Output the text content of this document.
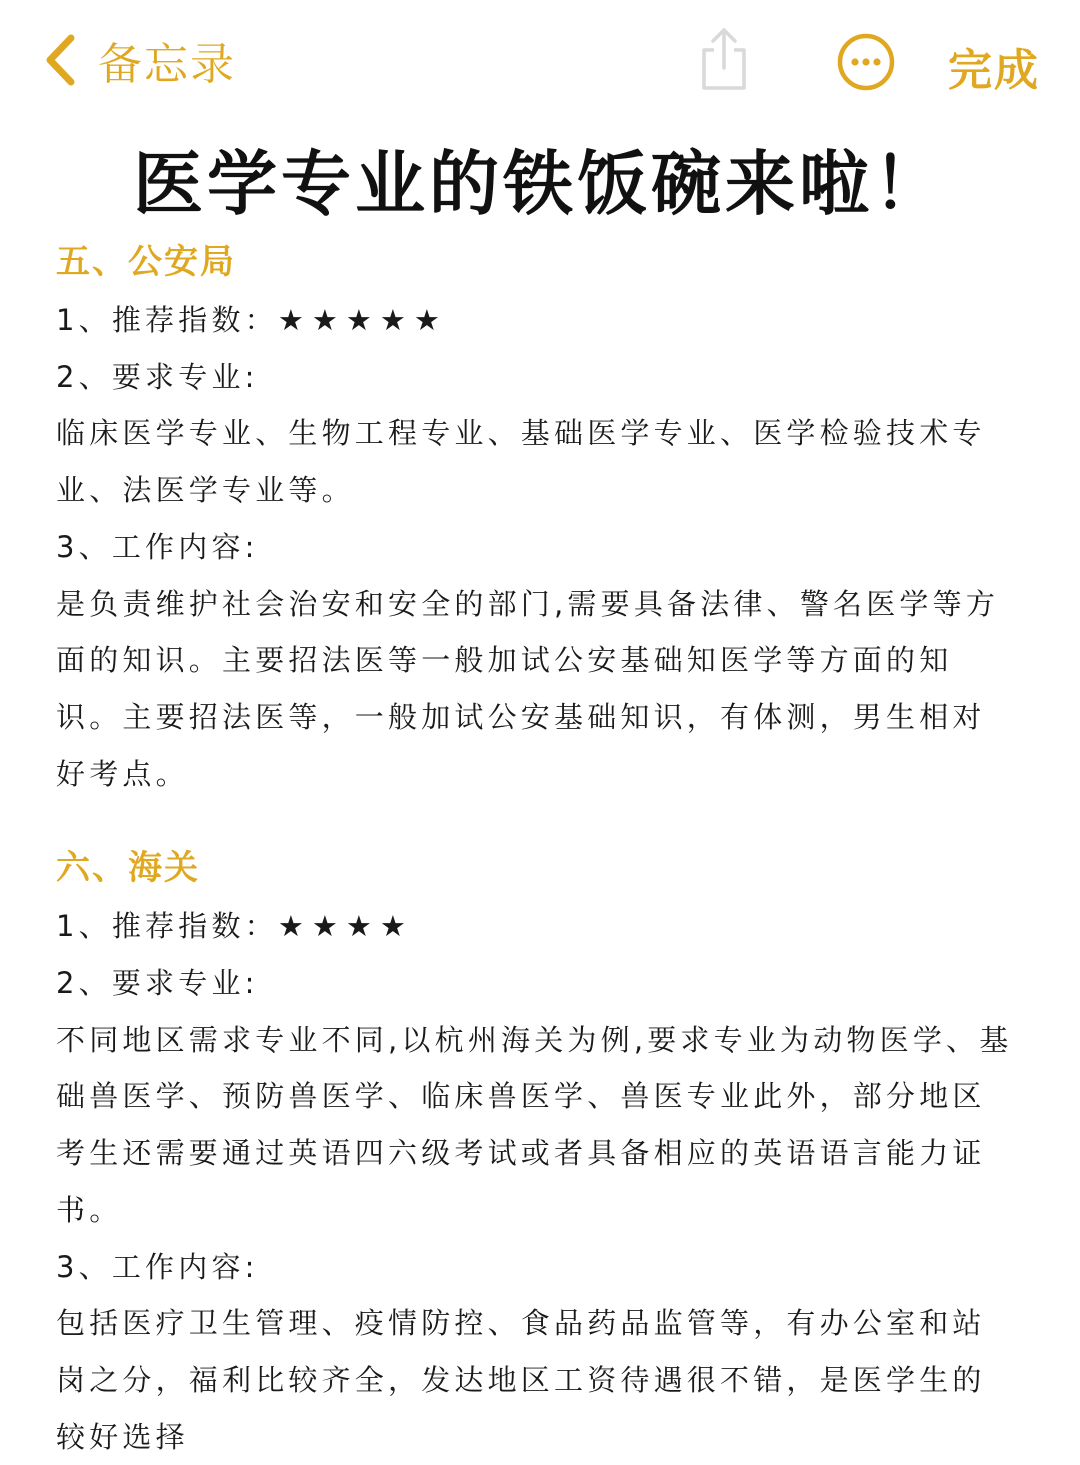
备忘录	完成
医学专业的铁饭碗来啦！
五、公安局
1、推荐指数：★★★★★
2、要求专业:
临床医学专业、生物工程专业、基础医学专业、医学检验技术专业、法医学专业等。
3、工作内容:
是负责维护社会治安和安全的部门,需要具备法律、警名医学等方面的知识。主要招法医等一般加试公安基础知医学等方面的知识。主要招法医等，一般加试公安基础知识，有体测，男生相对好考点。
六、海关
1、推荐指数：★★★★
2、要求专业:
不同地区需求专业不同,以杭州海关为例,要求专业为动物医学、基础兽医学、预防兽医学、临床兽医学、兽医专业此外，部分地区考生还需要通过英语四六级考试或者具备相应的英语语言能力证书。
3、工作内容:
包括医疗卫生管理、疫情防控、食品药品监管等，有办公室和站岗之分，福利比较齐全，发达地区工资待遇很不错，是医学生的较好选择
